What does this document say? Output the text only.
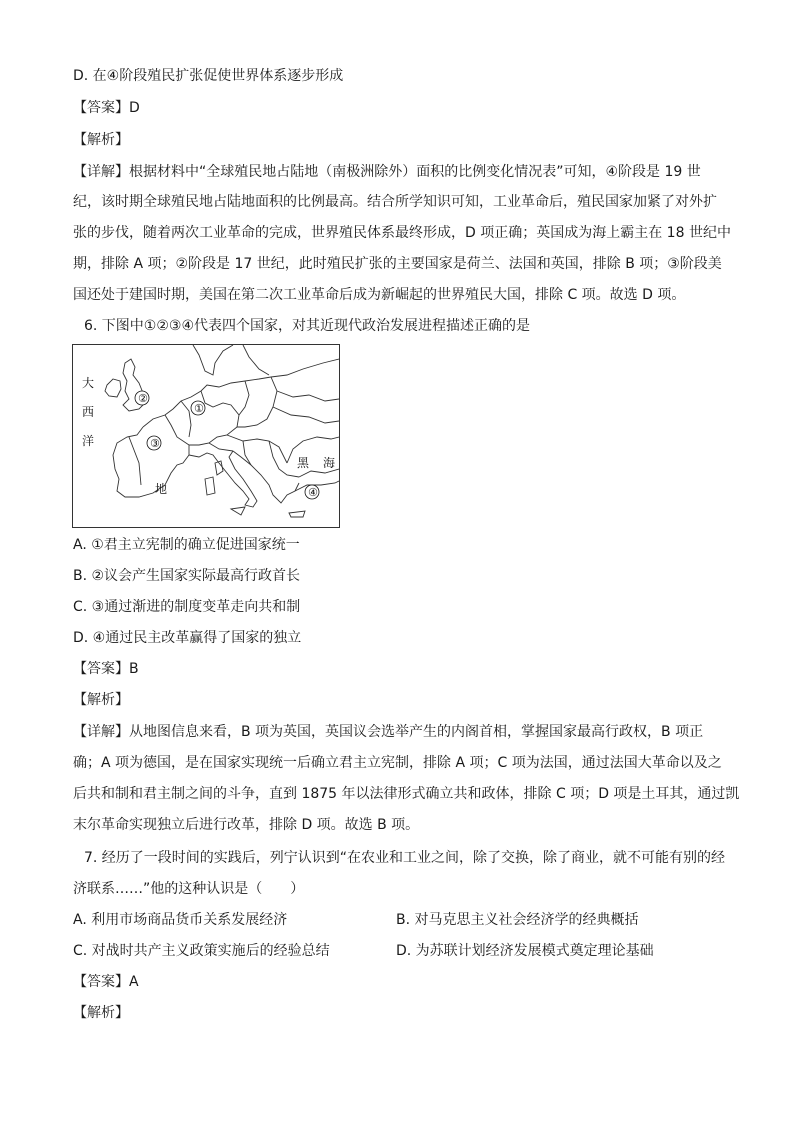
D. 在④阶段殖民扩张促使世界体系逐步形成
【答案】D
【解析】
【详解】根据材料中“全球殖民地占陆地（南极洲除外）面积的比例变化情况表”可知，④阶段是 19 世
纪，该时期全球殖民地占陆地面积的比例最高。结合所学知识可知，工业革命后，殖民国家加紧了对外扩
张的步伐，随着两次工业革命的完成，世界殖民体系最终形成，D 项正确；英国成为海上霸主在 18 世纪中
期，排除 A 项；②阶段是 17 世纪，此时殖民扩张的主要国家是荷兰、法国和英国，排除 B 项；③阶段美
国还处于建国时期，美国在第二次工业革命后成为新崛起的世界殖民大国，排除 C 项。故选 D 项。
6. 下图中①②③④代表四个国家，对其近现代政治发展进程描述正确的是
①
②
③
④
大
西
洋
黑 海
地
A. ①君主立宪制的确立促进国家统一
B. ②议会产生国家实际最高行政首长
C. ③通过渐进的制度变革走向共和制
D. ④通过民主改革赢得了国家的独立
【答案】B
【解析】
【详解】从地图信息来看，B 项为英国，英国议会选举产生的内阁首相，掌握国家最高行政权，B 项正
确；A 项为德国，是在国家实现统一后确立君主立宪制，排除 A 项；C 项为法国，通过法国大革命以及之
后共和制和君主制之间的斗争，直到 1875 年以法律形式确立共和政体，排除 C 项；D 项是土耳其，通过凯
末尔革命实现独立后进行改革，排除 D 项。故选 B 项。
7. 经历了一段时间的实践后，列宁认识到“在农业和工业之间，除了交换，除了商业，就不可能有别的经
济联系……”他的这种认识是（　　）
A. 利用市场商品货币关系发展经济	B. 对马克思主义社会经济学的经典概括
C. 对战时共产主义政策实施后的经验总结	D. 为苏联计划经济发展模式奠定理论基础
【答案】A
【解析】
